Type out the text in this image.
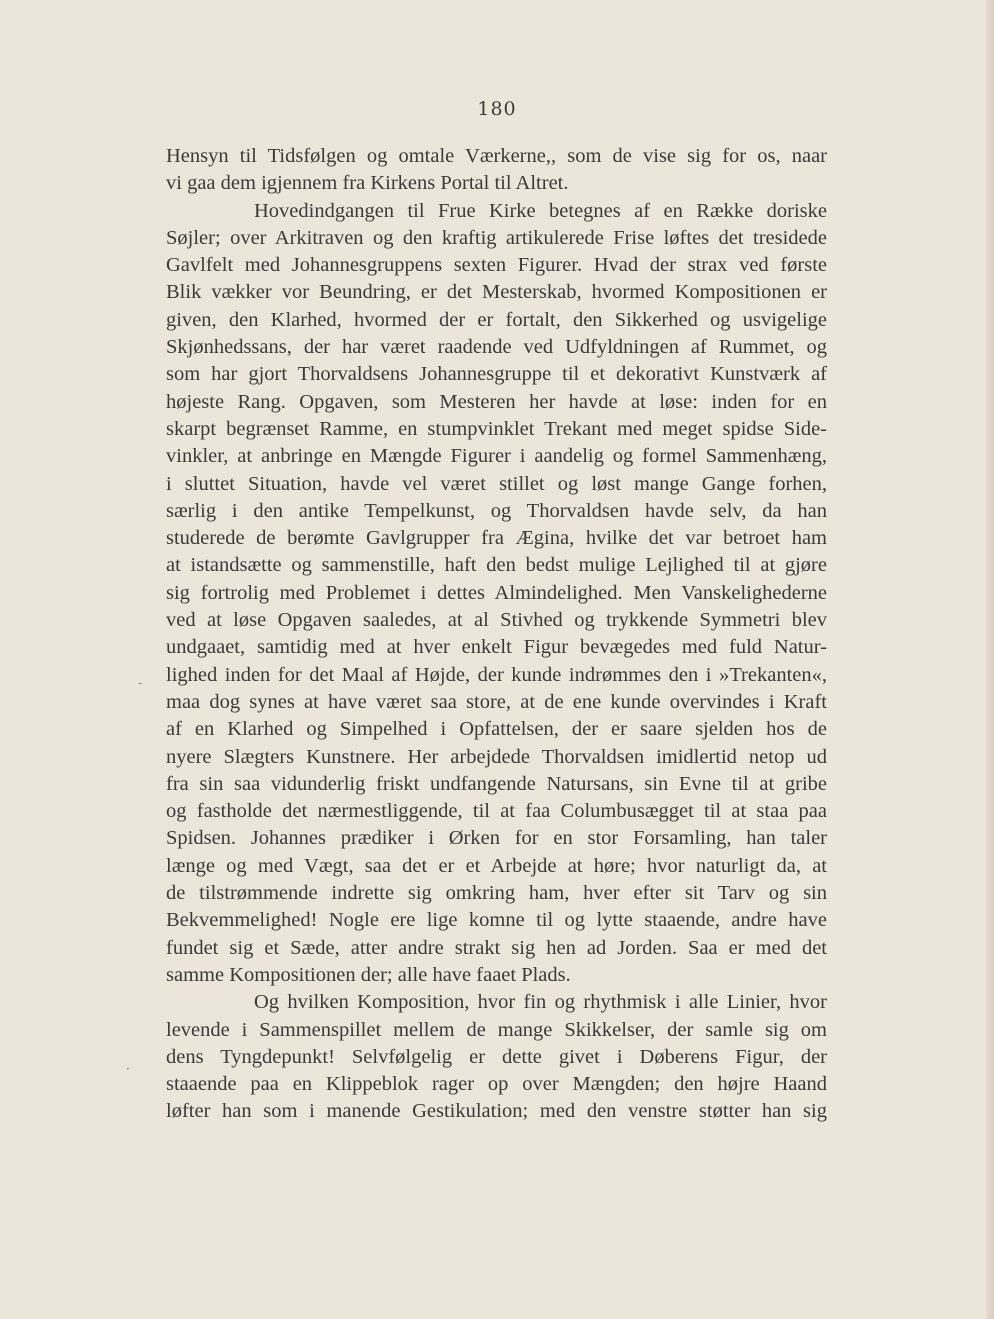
180
-
·
Hensyn til Tidsfølgen og omtale Værkerne,, som de vise sig for os, naar
vi gaa dem igjennem fra Kirkens Portal til Altret.
Hovedindgangen til Frue Kirke betegnes af en Række doriske
Søjler; over Arkitraven og den kraftig artikulerede Frise løftes det tresidede
Gavlfelt med Johannesgruppens sexten Figurer. Hvad der strax ved første
Blik vækker vor Beundring, er det Mesterskab, hvormed Kompositionen er
given, den Klarhed, hvormed der er fortalt, den Sikkerhed og usvigelige
Skjønhedssans, der har været raadende ved Udfyldningen af Rummet, og
som har gjort Thorvaldsens Johannesgruppe til et dekorativt Kunstværk af
højeste Rang. Opgaven, som Mesteren her havde at løse: inden for en
skarpt begrænset Ramme, en stumpvinklet Trekant med meget spidse Side-
vinkler, at anbringe en Mængde Figurer i aandelig og formel Sammenhæng,
i sluttet Situation, havde vel været stillet og løst mange Gange forhen,
særlig i den antike Tempelkunst, og Thorvaldsen havde selv, da han
studerede de berømte Gavlgrupper fra Ægina, hvilke det var betroet ham
at istandsætte og sammenstille, haft den bedst mulige Lejlighed til at gjøre
sig fortrolig med Problemet i dettes Almindelighed. Men Vanskelighederne
ved at løse Opgaven saaledes, at al Stivhed og trykkende Symmetri blev
undgaaet, samtidig med at hver enkelt Figur bevægedes med fuld Natur-
lighed inden for det Maal af Højde, der kunde indrømmes den i »Trekanten«,
maa dog synes at have været saa store, at de ene kunde overvindes i Kraft
af en Klarhed og Simpelhed i Opfattelsen, der er saare sjelden hos de
nyere Slægters Kunstnere. Her arbejdede Thorvaldsen imidlertid netop ud
fra sin saa vidunderlig friskt undfangende Natursans, sin Evne til at gribe
og fastholde det nærmestliggende, til at faa Columbusægget til at staa paa
Spidsen. Johannes prædiker i Ørken for en stor Forsamling, han taler
længe og med Vægt, saa det er et Arbejde at høre; hvor naturligt da, at
de tilstrømmende indrette sig omkring ham, hver efter sit Tarv og sin
Bekvemmelighed! Nogle ere lige komne til og lytte staaende, andre have
fundet sig et Sæde, atter andre strakt sig hen ad Jorden. Saa er med det
samme Kompositionen der; alle have faaet Plads.
Og hvilken Komposition, hvor fin og rhythmisk i alle Linier, hvor
levende i Sammenspillet mellem de mange Skikkelser, der samle sig om
dens Tyngdepunkt! Selvfølgelig er dette givet i Døberens Figur, der
staaende paa en Klippeblok rager op over Mængden; den højre Haand
løfter han som i manende Gestikulation; med den venstre støtter han sig
